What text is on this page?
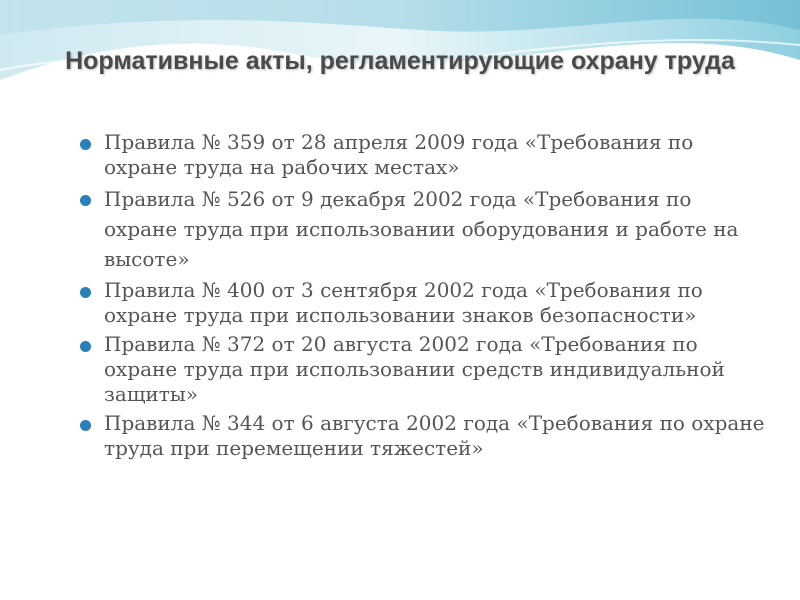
Нормативные акты, регламентирующие охрану труда
Правила № 359 от 28 апреля 2009 года «Требования по охране труда на рабочих местах»
Правила № 526 от 9 декабря 2002 года «Требования по охране труда при использовании оборудования и работе на высоте»
Правила № 400 от 3 сентября 2002 года «Требования по охране труда при использовании знаков безопасности»
Правила № 372 от 20 августа 2002 года «Требования по охране труда при использовании средств индивидуальной защиты»
Правила № 344 от 6 августа 2002 года «Требования по охране труда при перемещении тяжестей»
